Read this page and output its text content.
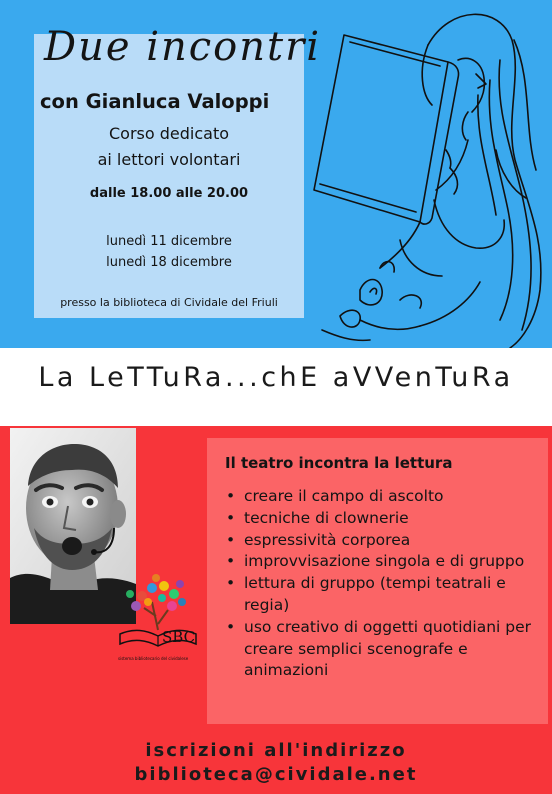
Due incontri
con Gianluca Valoppi
Corso dedicato
ai lettori volontari
dalle 18.00 alle 20.00
lunedì 11 dicembre
lunedì 18 dicembre
presso la biblioteca di Cividale del Friuli
La LeTTuRa...chE aVVenTuRa
SBC
sistema bibliotecario del cividalese
Il teatro incontra la lettura
• creare il campo di ascolto
• tecniche di clownerie
• espressività corporea
• improvvisazione singola e di gruppo
• lettura di gruppo (tempi teatrali e regia)
• uso creativo di oggetti quotidiani per creare semplici scenografe e animazioni
iscrizioni all'indirizzo
biblioteca@cividale.net
